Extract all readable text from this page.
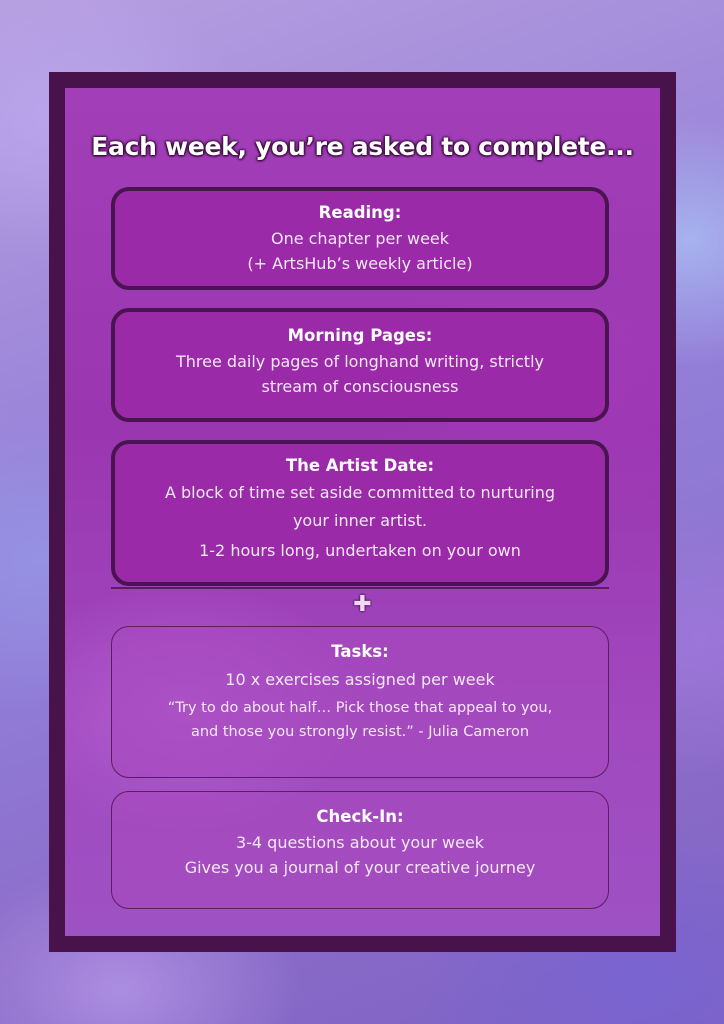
Each week, you’re asked to complete...
Reading:
One chapter per week
(+ ArtsHub’s weekly article)
Morning Pages:
Three daily pages of longhand writing, strictly
stream of consciousness
The Artist Date:
A block of time set aside committed to nurturing
your inner artist.
1-2 hours long, undertaken on your own
✚
Tasks:
10 x exercises assigned per week
“Try to do about half… Pick those that appeal to you,
and those you strongly resist.” - Julia Cameron
Check-In:
3-4 questions about your week
Gives you a journal of your creative journey
